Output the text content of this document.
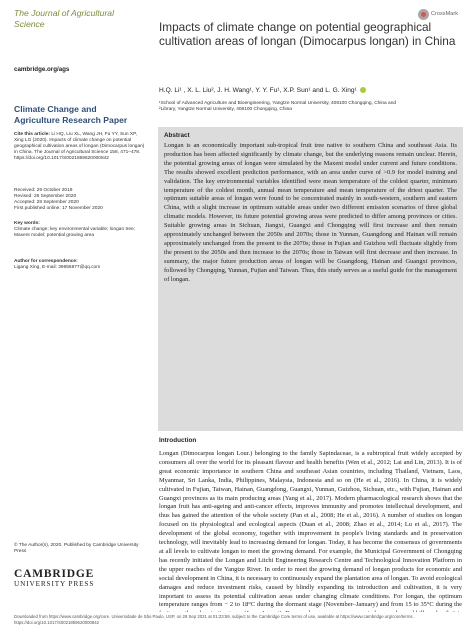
The Journal of Agricultural Science
cambridge.org/ags
Climate Change and Agriculture Research Paper
Cite this article: Li HQ, Liu XL, Wang JH, Fu YY, Sun XP, Xing LG (2020). Impacts of climate change on potential geographical cultivation areas of longan (Dimocarpus longan) in China. The Journal of Agricultural Science 158, 471–478. https://doi.org/10.1017/S0021859620000842
Received: 29 October 2019
Revised: 26 September 2020
Accepted: 28 September 2020
First published online: 17 November 2020
Key words:
Climate change; key environmental variable; longan tree; Maxent model; potential growing area
Author for correspondence:
Ligang Xing, E-mail: 39656877@qq.com
© The Author(s), 2020. Published by Cambridge University Press
CAMBRIDGE
UNIVERSITY PRESS
CrossMark
Impacts of climate change on potential geographical cultivation areas of longan (Dimocarpus longan) in China
H.Q. Li¹ , X. L. Liu², J. H. Wang¹, Y. Y. Fu¹, X.P. Sun¹ and L. G. Xing¹
¹School of Advanced Agriculture and Bioengineering, Yangtze Normal University, 408100 Chongqing, China and
²Library, Yangtze Normal University, 408100 Chongqing, China
Abstract
Longan is an economically important sub-tropical fruit tree native to southern China and southeast Asia. Its production has been affected significantly by climate change, but the underlying reasons remain unclear. Herein, the potential growing areas of longan were simulated by the Maxent model under current and future conditions. The results showed excellent prediction performance, with an area under curve of >0.9 for model training and validation. The key environmental variables identified were mean temperature of the coldest quarter, minimum temperature of the coldest month, annual mean temperature and mean temperature of the driest quarter. The optimum suitable areas of longan were found to be concentrated mainly in south-western, southern and eastern China, with a slight increase in optimum suitable areas under two different emission scenarios of three global climatic models. However, its future potential growing areas were predicted to differ among provinces or cities. Suitable growing areas in Sichuan, Jiangxi, Guangxi and Chongqing will first increase and then remain approximately unchanged between the 2050s and 2070s; those in Yunnan, Guangdong and Hainan will remain approximately unchanged from the present to the 2070s; those in Fujian and Guizhou will fluctuate slightly from the present to the 2050s and then increase to the 2070s; those in Taiwan will first decrease and then increase. In summary, the major future production areas of longan will be Guangdong, Hainan and Guangxi provinces, followed by Chongqing, Yunnan, Fujian and Taiwan. Thus, this study serves as a useful guide for the management of longan.
Introduction

Longan (Dimocarpus longan Lour.) belonging to the family Sapindaceae, is a subtropical fruit widely accepted by consumers all over the world for its pleasant flavour and health benefits (Wen et al., 2012; Lai and Lin, 2013). It is of great economic importance in southern China and southeast Asian countries, including Thailand, Vietnam, Laos, Myanmar, Sri Lanka, India, Philippines, Malaysia, Indonesia and so on (He et al., 2016). In China, it is widely cultivated in Fujian, Taiwan, Hainan, Guangdong, Guangxi, Yunnan, Guizhou, Sichuan, etc., with Fujian, Hainan and Guangxi provinces as its main producing areas (Yang et al., 2017). Modern pharmacological research shows that the longan fruit has anti-ageing and anti-cancer effects, improves immunity and promotes intellectual development, and thus has gained the attention of the whole society (Pan et al., 2008; He et al., 2016). A number of studies on longan focused on its physiological and ecological aspects (Duan et al., 2008; Zhao et al., 2014; Lu et al., 2017). The development of the global economy, together with improvement in people's living standards and in preservation technology, will inevitably lead to increasing demand for longan. Today, it has become the consensus of governments at all levels to cultivate longan to meet the growing demand. For example, the Municipal Government of Chongqing has recently initiated the Longan and Litchi Engineering Research Centre and Technological Innovation Platform in the upper reaches of the Yangtze River. In order to meet the growing demand of longan products for economic and social development in China, it is necessary to continuously expand the plantation area of longan. To avoid ecological damages and reduce investment risks, caused by blindly expanding its introduction and cultivation, it is very important to assess its potential cultivation areas under changing climate conditions. For longan, the optimum temperature ranges from − 2 to 18°C during the dormant stage (November–January) and from 15 to 35°C during the

Downloaded from https://www.cambridge.org/core. Universidade de São Paulo, USP, on 29 Sep 2021 at 01:23:59, subject to the Cambridge Core terms of use, available at https://www.cambridge.org/core/terms. https://doi.org/10.1017/S0021859620000842
